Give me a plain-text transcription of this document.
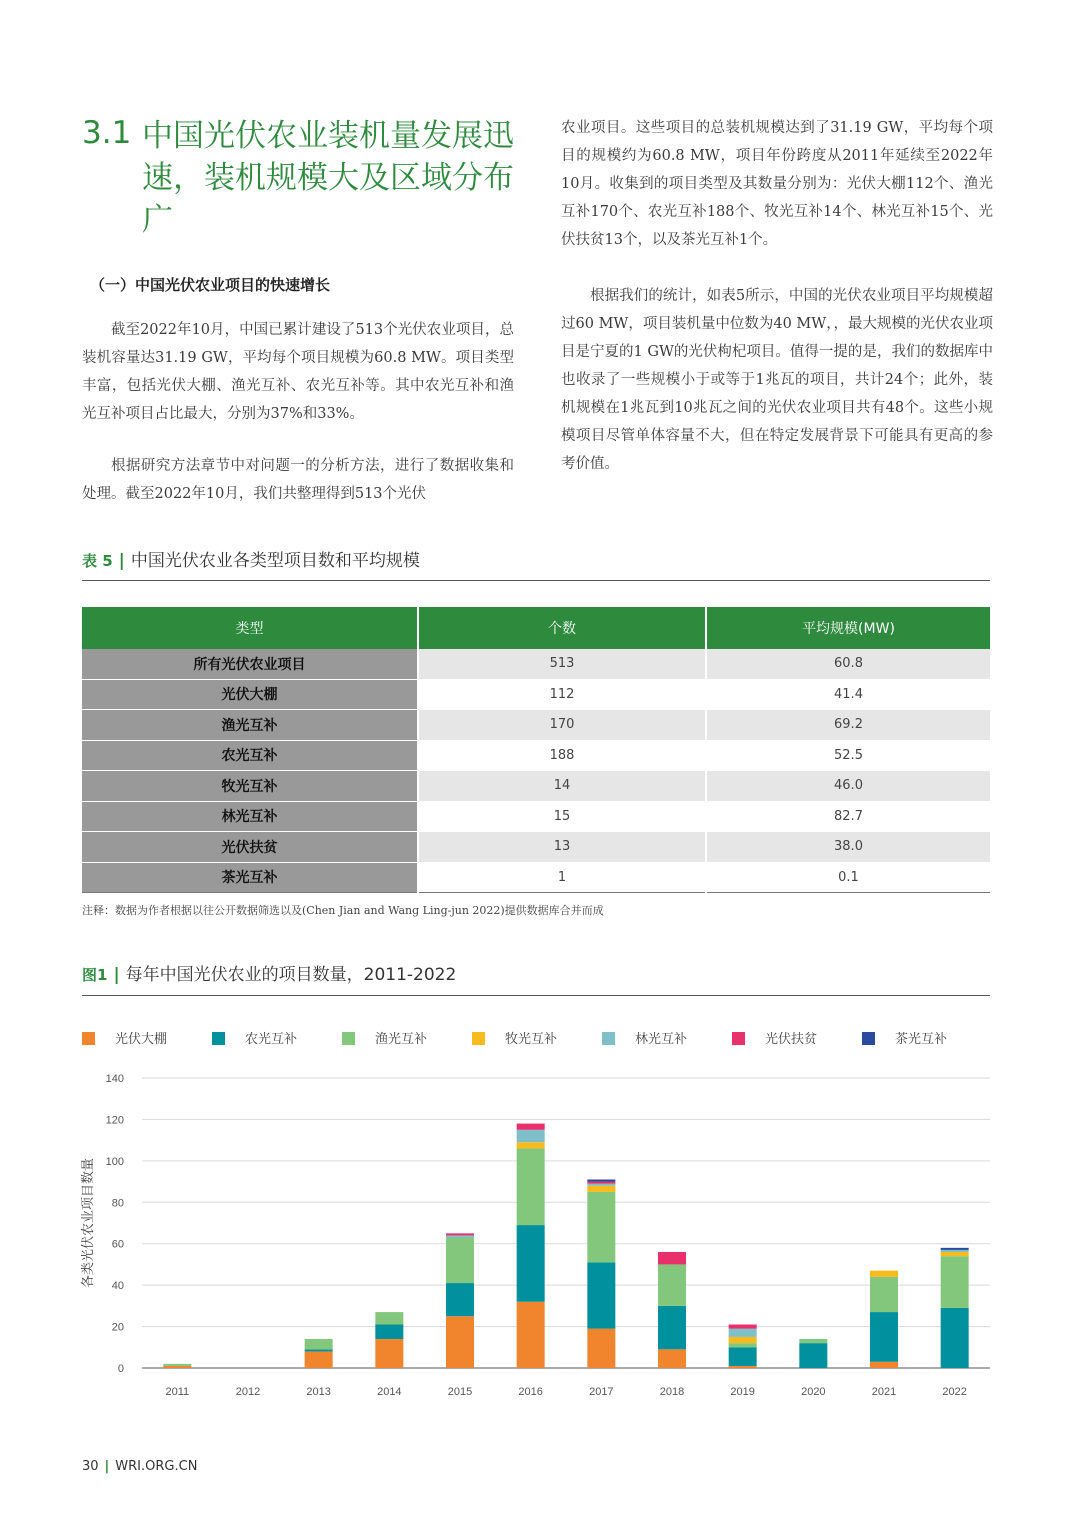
3.1 中国光伏农业装机量发展迅速，装机规模大及区域分布广
（一）中国光伏农业项目的快速增长

截至2022年10月，中国已累计建设了513个光伏农业项目，总装机容量达31.19 GW，平均每个项目规模为60.8 MW。项目类型丰富，包括光伏大棚、渔光互补、农光互补等。其中农光互补和渔光互补项目占比最大，分别为37%和33%。

根据研究方法章节中对问题一的分析方法，进行了数据收集和处理。截至2022年10月，我们共整理得到513个光伏

农业项目。这些项目的总装机规模达到了31.19 GW，平均每个项目的规模约为60.8 MW，项目年份跨度从2011年延续至2022年10月。收集到的项目类型及其数量分别为：光伏大棚112个、渔光互补170个、农光互补188个、牧光互补14个、林光互补15个、光伏扶贫13个，以及茶光互补1个。

根据我们的统计，如表5所示，中国的光伏农业项目平均规模超过60 MW，项目装机量中位数为40 MW，，最大规模的光伏农业项目是宁夏的1 GW的光伏枸杞项目。值得一提的是，我们的数据库中也收录了一些规模小于或等于1兆瓦的项目，共计24个；此外，装机规模在1兆瓦到10兆瓦之间的光伏农业项目共有48个。这些小规模项目尽管单体容量不大，但在特定发展背景下可能具有更高的参考价值。

表 5 | 中国光伏农业各类型项目数和平均规模
类型	个数	平均规模(MW)
所有光伏农业项目	513	60.8
光伏大棚	112	41.4
渔光互补	170	69.2
农光互补	188	52.5
牧光互补	14	46.0
林光互补	15	82.7
光伏扶贫	13	38.0
茶光互补	1	0.1
注释：数据为作者根据以往公开数据筛选以及(Chen Jian and Wang Ling-jun 2022)提供数据库合并而成
图1 | 每年中国光伏农业的项目数量，2011-2022
光伏大棚	农光互补	渔光互补	牧光互补	林光互补	光伏扶贫	茶光互补
0
20
40
60
80
100
120
140
各类光伏农业项目数量
2011	2012	2013	2014	2015	2016	2017	2018	2019	2020	2021	2022
30 | WRI.ORG.CN
